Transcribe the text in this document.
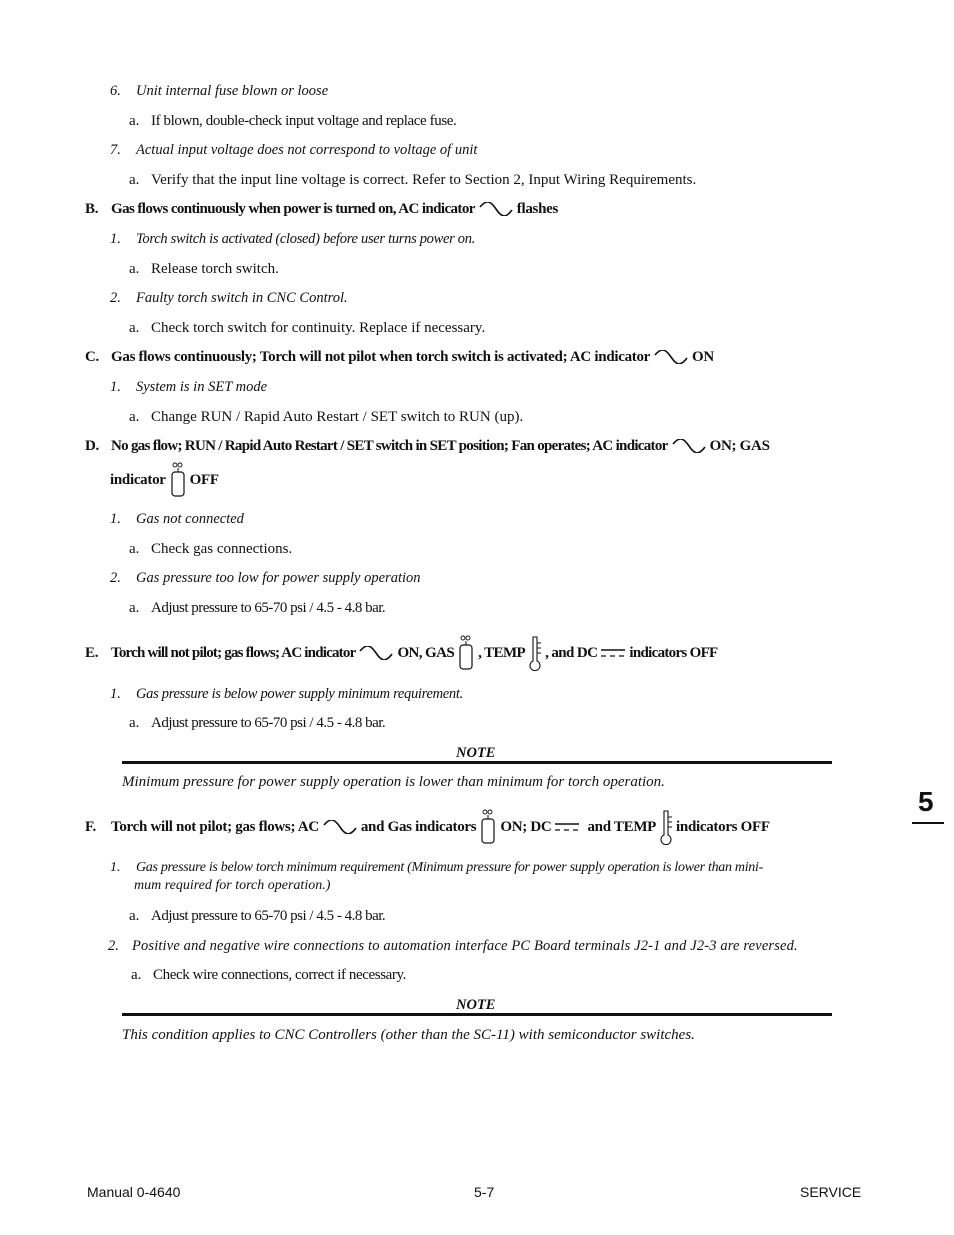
6. Unit internal fuse blown or loose
a. If blown, double-check input voltage and replace fuse.
7. Actual input voltage does not correspond to voltage of unit
a. Verify that the input line voltage is correct. Refer to Section 2, Input Wiring Requirements.
B. Gas flows continuously when power is turned on, AC indicator	flashes
1. Torch switch is activated (closed) before user turns power on.
a. Release torch switch.
2. Faulty torch switch in CNC Control.
a. Check torch switch for continuity. Replace if necessary.
C. Gas flows continuously; Torch will not pilot when torch switch is activated; AC indicator	ON
1. System is in SET mode
a. Change RUN / Rapid Auto Restart / SET switch to RUN (up).
D. No gas flow; RUN / Rapid Auto Restart / SET switch in SET position; Fan operates; AC indicator	ON; GAS
indicator OFF
1. Gas not connected
a. Check gas connections.
2. Gas pressure too low for power supply operation
a. Adjust pressure to 65-70 psi / 4.5 - 4.8 bar.
E. Torch will not pilot; gas flows; AC indicator	ON, GAS , TEMP , and DC indicators OFF
1. Gas pressure is below power supply minimum requirement.
a. Adjust pressure to 65-70 psi / 4.5 - 4.8 bar.
NOTE
Minimum pressure for power supply operation is lower than minimum for torch operation.
F.	Torch will not pilot; gas flows; AC	and Gas indicators ON; DC and TEMP indicators OFF
1. Gas pressure is below torch minimum requirement (Minimum pressure for power supply operation is lower than mini-
mum required for torch operation.)
a. Adjust pressure to 65-70 psi / 4.5 - 4.8 bar.
2. Positive and negative wire connections to automation interface PC Board terminals J2-1 and J2-3 are reversed.
a. Check wire connections, correct if necessary.
NOTE
This condition applies to CNC Controllers (other than the SC-11) with semiconductor switches.
5
Manual 0-4640	5-7	SERVICE
